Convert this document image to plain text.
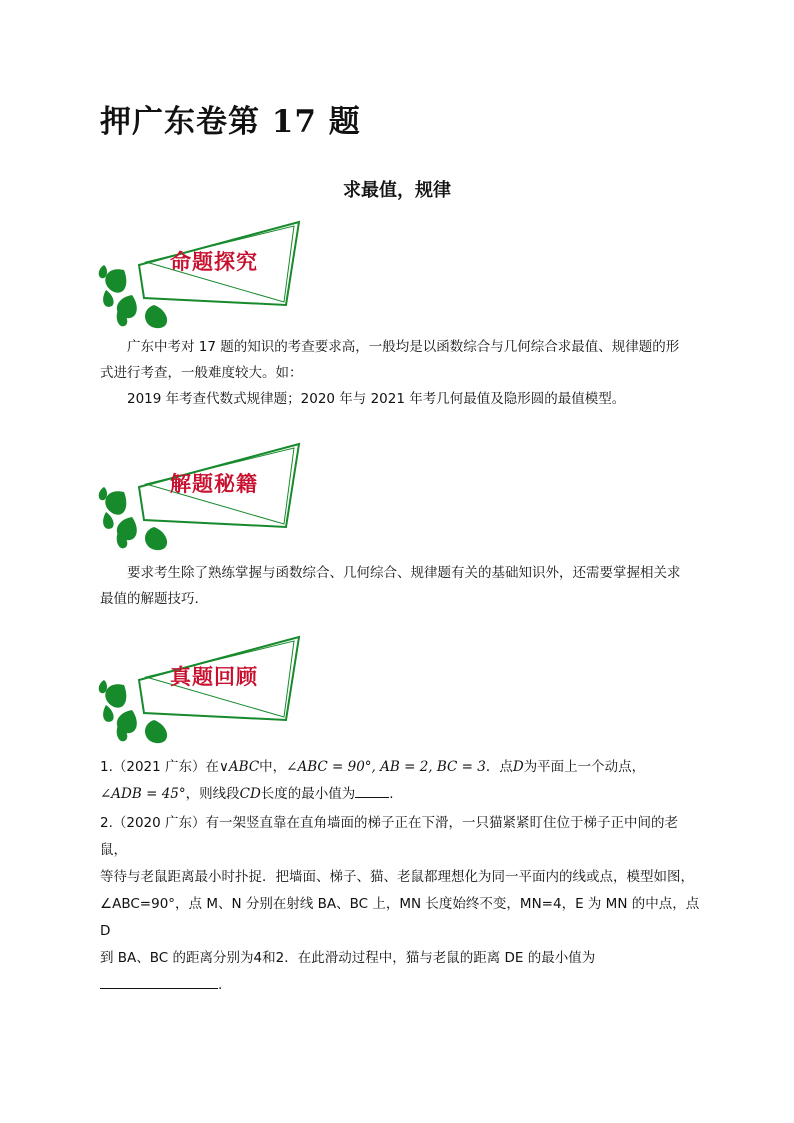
押广东卷第 17 题
求最值，规律
命题探究

广东中考对 17 题的知识的考查要求高，一般均是以函数综合与几何综合求最值、规律题的形

式进行考查，一般难度较大。如：

2019 年考查代数式规律题；2020 年与 2021 年考几何最值及隐形圆的最值模型。

解题秘籍

要求考生除了熟练掌握与函数综合、几何综合、规律题有关的基础知识外，还需要掌握相关求

最值的解题技巧.

真题回顾

1.（2021 广东）在∨ABC中，∠ABC = 90°, AB = 2, BC = 3．点D为平面上一个动点，

∠ADB = 45°，则线段CD长度的最小值为	.

2.（2020 广东）有一架竖直靠在直角墙面的梯子正在下滑，一只猫紧紧盯住位于梯子正中间的老鼠，

等待与老鼠距离最小时扑捉．把墙面、梯子、猫、老鼠都理想化为同一平面内的线或点，模型如图，

∠ABC=90°，点 M、N 分别在射线 BA、BC 上，MN 长度始终不变，MN=4，E 为 MN 的中点，点 D

到 BA、BC 的距离分别为4和2．在此滑动过程中，猫与老鼠的距离 DE 的最小值为.
